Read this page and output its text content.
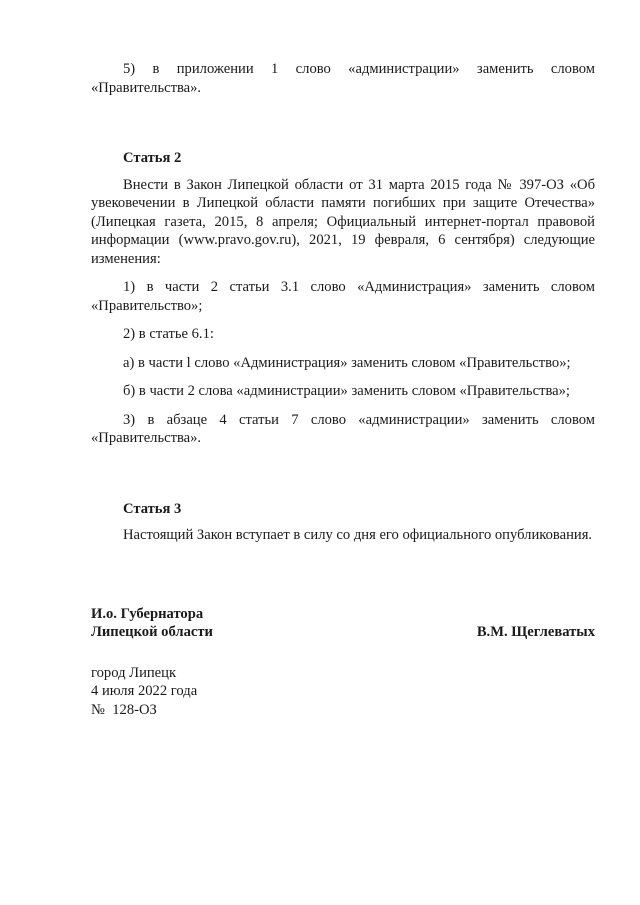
5) в приложении 1 слово «администрации» заменить словом «Правительства».

Статья 2

Внести в Закон Липецкой области от 31 марта 2015 года № 397-ОЗ «Об увековечении в Липецкой области памяти погибших при защите Отечества» (Липецкая газета, 2015, 8 апреля; Официальный интернет-портал правовой информации (www.pravo.gov.ru), 2021, 19 февраля, 6 сентября) следующие изменения:

1) в части 2 статьи 3.1 слово «Администрация» заменить словом «Правительство»;

2) в статье 6.1:

а) в части l слово «Администрация» заменить словом «Правительство»;

б) в части 2 слова «администрации» заменить словом «Правительства»;

3) в абзаце 4 статьи 7 слово «администрации» заменить словом «Правительства».

Статья 3

Настоящий Закон вступает в силу со дня его официального опубликования.

И.о. Губернатора
Липецкой области	В.М. Щеглеватых
город Липецк
4 июля 2022 года
№  128-ОЗ
